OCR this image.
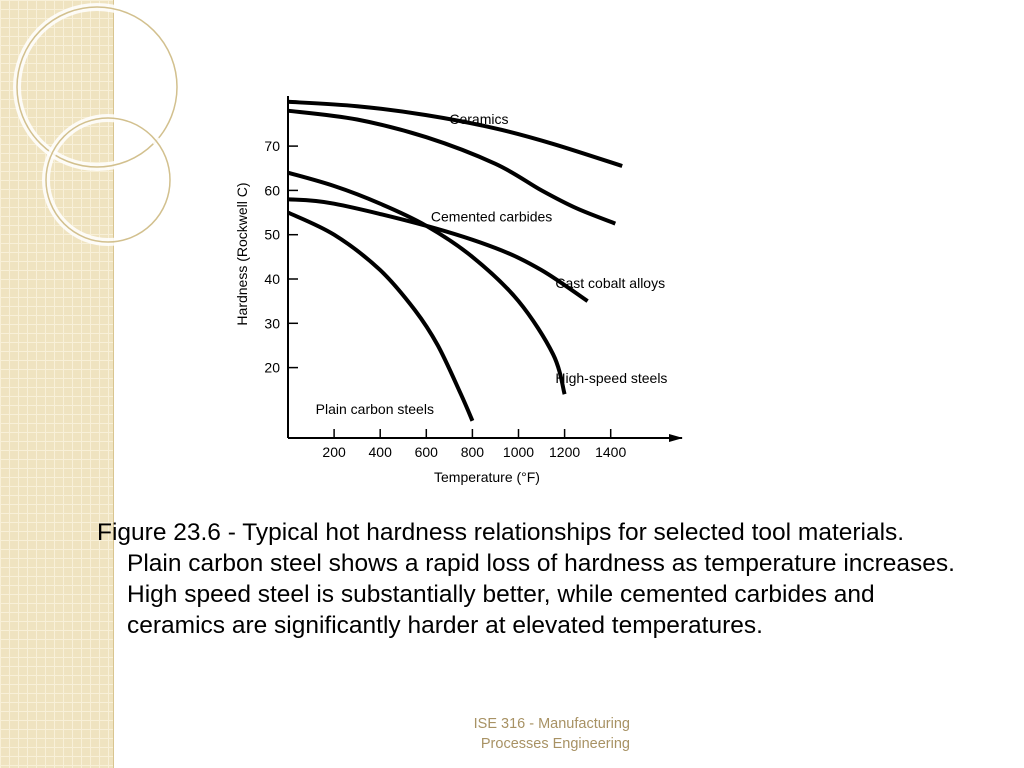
20
30
40
50
60
70
200 400 600 800 1000 1200 1400
Ceramics
Cemented carbides
Cast cobalt alloys
High-speed steels
Plain carbon steels
Temperature (°F)
Hardness (Rockwell C)

Figure 23.6 - Typical hot hardness relationships for selected tool materials. Plain carbon steel shows a rapid loss of hardness as temperature increases. High speed steel is substantially better, while cemented carbides and ceramics are significantly harder at elevated temperatures.

ISE 316 - Manufacturing
Processes Engineering
